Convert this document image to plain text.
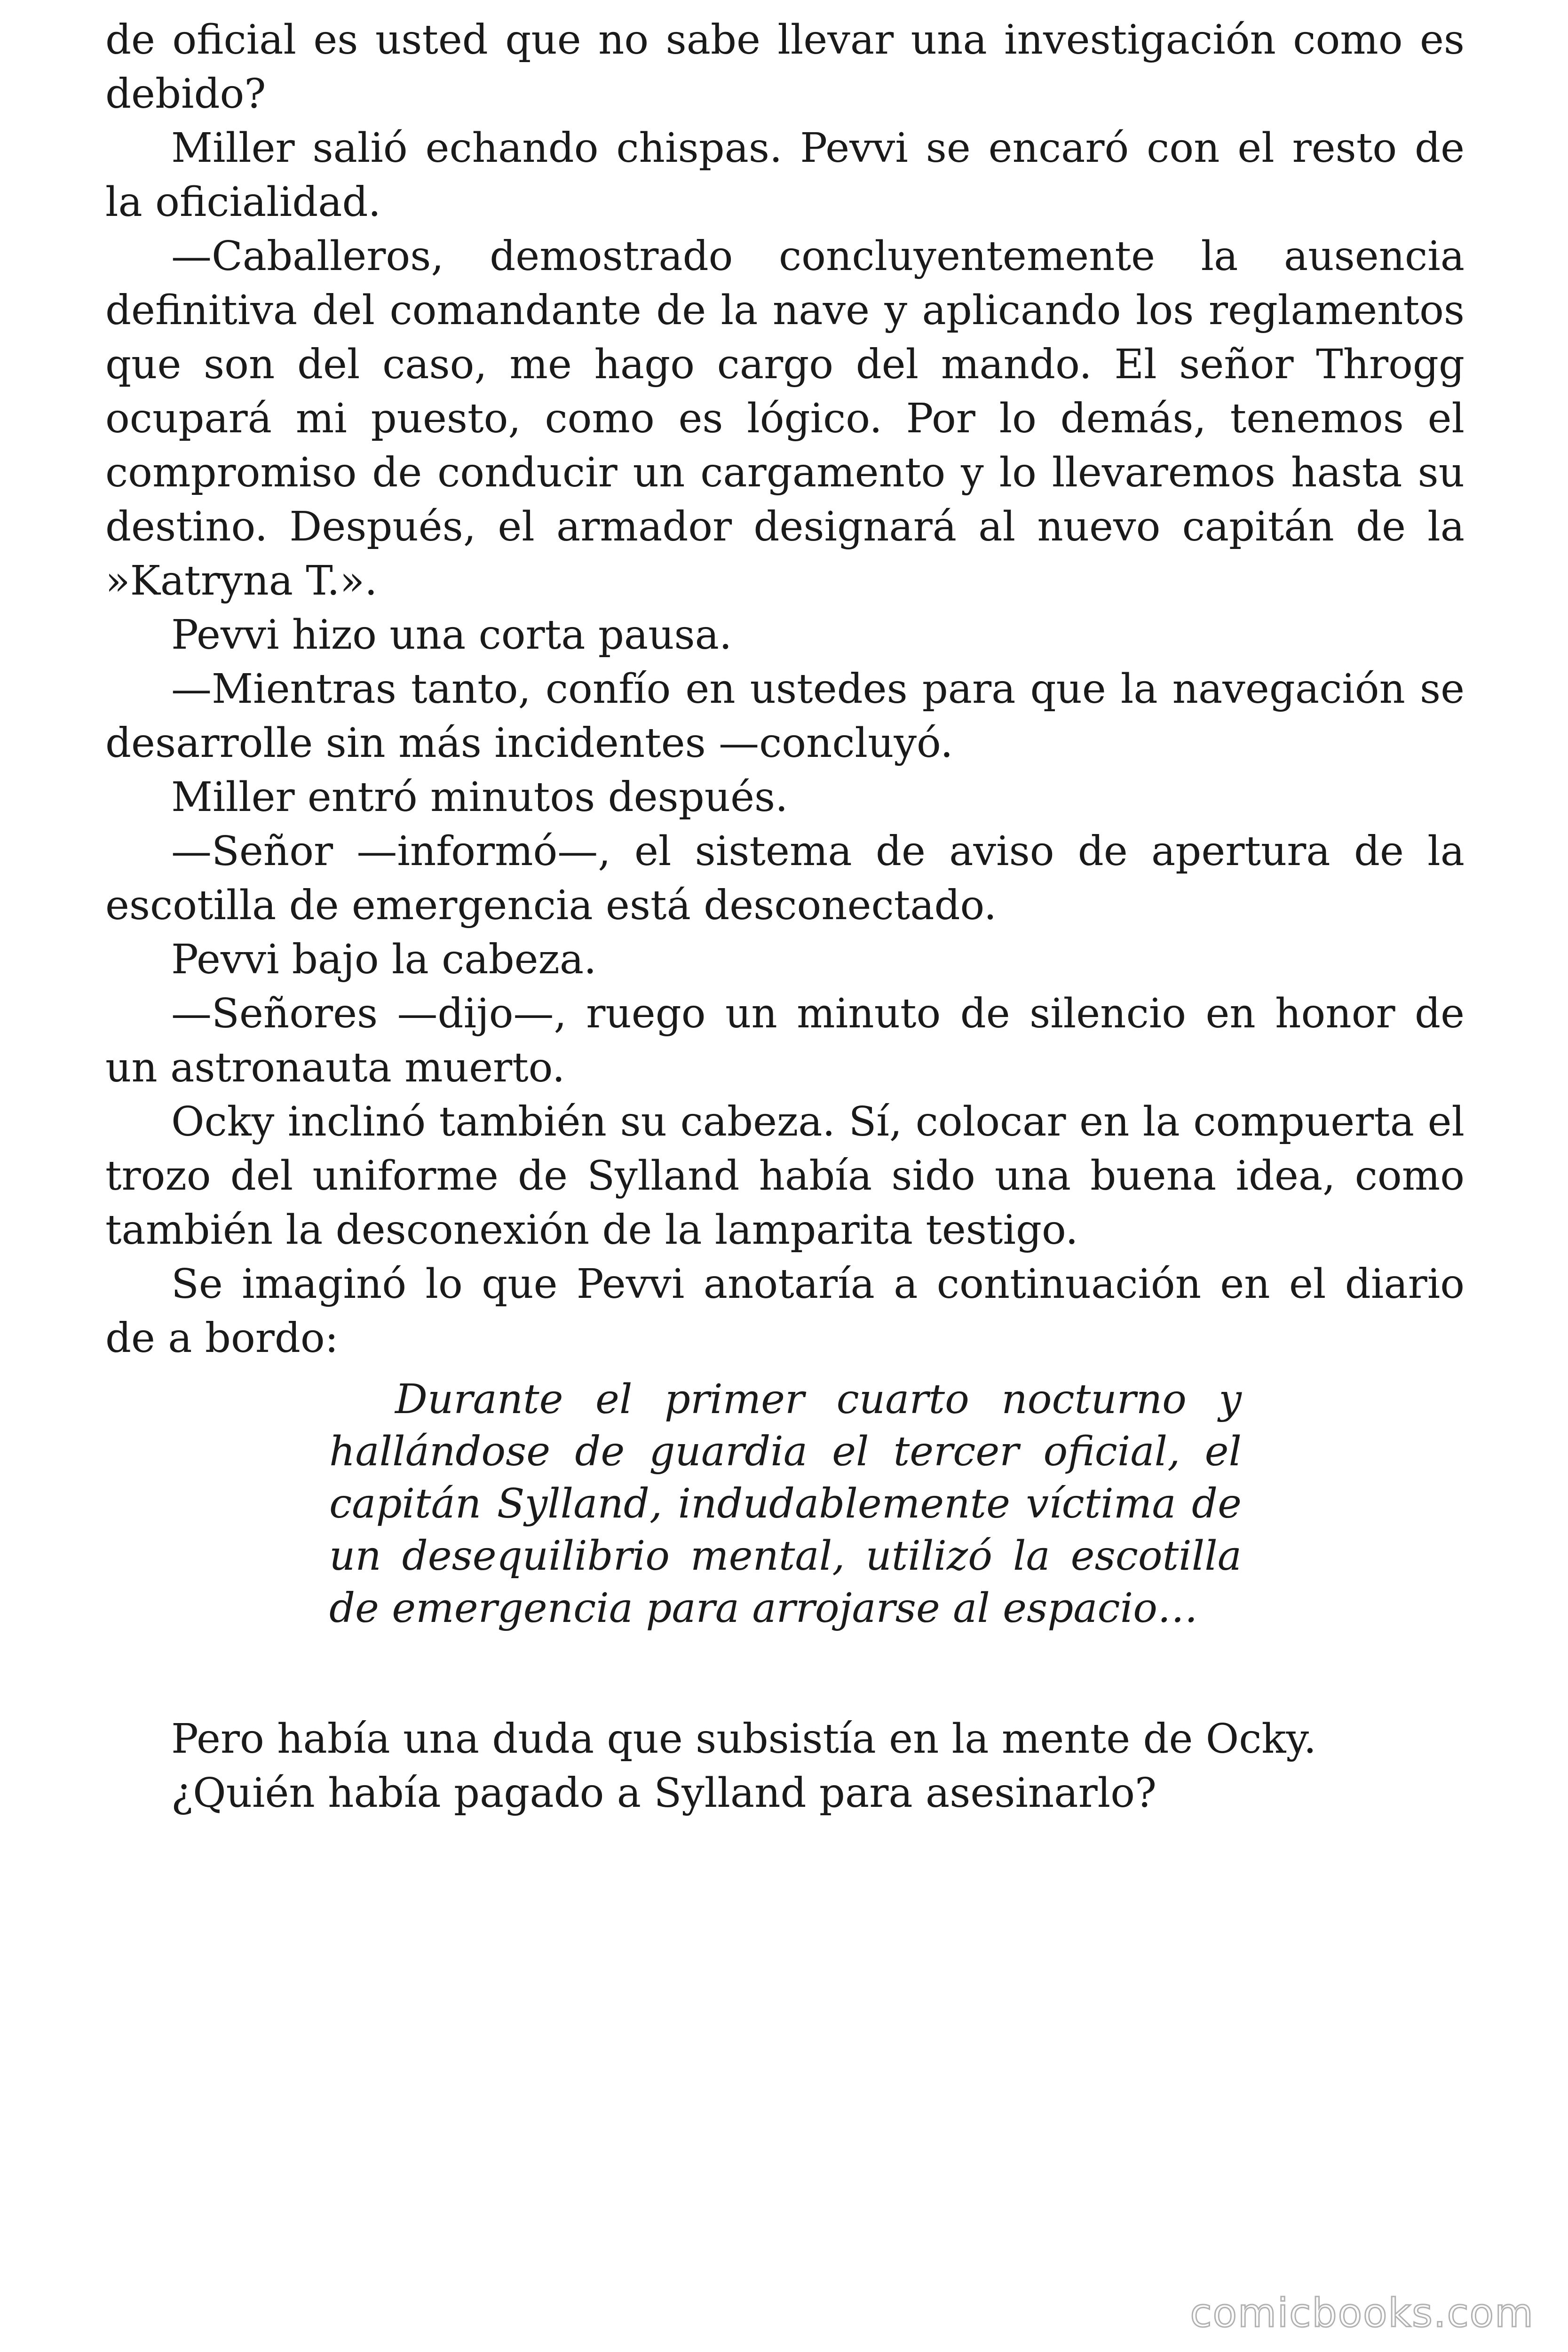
de oficial es usted que no sabe llevar una investigación como es debido?

Miller salió echando chispas. Pevvi se encaró con el resto de la oficialidad.

—Caballeros, demostrado concluyentemente la ausencia definitiva del comandante de la nave y aplicando los reglamentos que son del caso, me hago cargo del mando. El señor Throgg ocupará mi puesto, como es lógico. Por lo demás, tenemos el compromiso de conducir un cargamento y lo llevaremos hasta su destino. Después, el armador designará al nuevo capitán de la »Katryna T.».

Pevvi hizo una corta pausa.

—Mientras tanto, confío en ustedes para que la navegación se desarrolle sin más incidentes —concluyó.

Miller entró minutos después.

—Señor —informó—, el sistema de aviso de apertura de la escotilla de emergencia está desconectado.

Pevvi bajo la cabeza.

—Señores —dijo—, ruego un minuto de silencio en honor de un astronauta muerto.

Ocky inclinó también su cabeza. Sí, colocar en la compuerta el trozo del uniforme de Sylland había sido una buena idea, como también la desconexión de la lamparita testigo.

Se imaginó lo que Pevvi anotaría a continuación en el diario de a bordo:

Durante el primer cuarto nocturno y hallándose de guardia el tercer oficial, el capitán Sylland, indudablemente víctima de un desequilibrio mental, utilizó la escotilla de emergencia para arrojarse al espacio…

Pero había una duda que subsistía en la mente de Ocky.

¿Quién había pagado a Sylland para asesinarlo?

comicbooks.com
